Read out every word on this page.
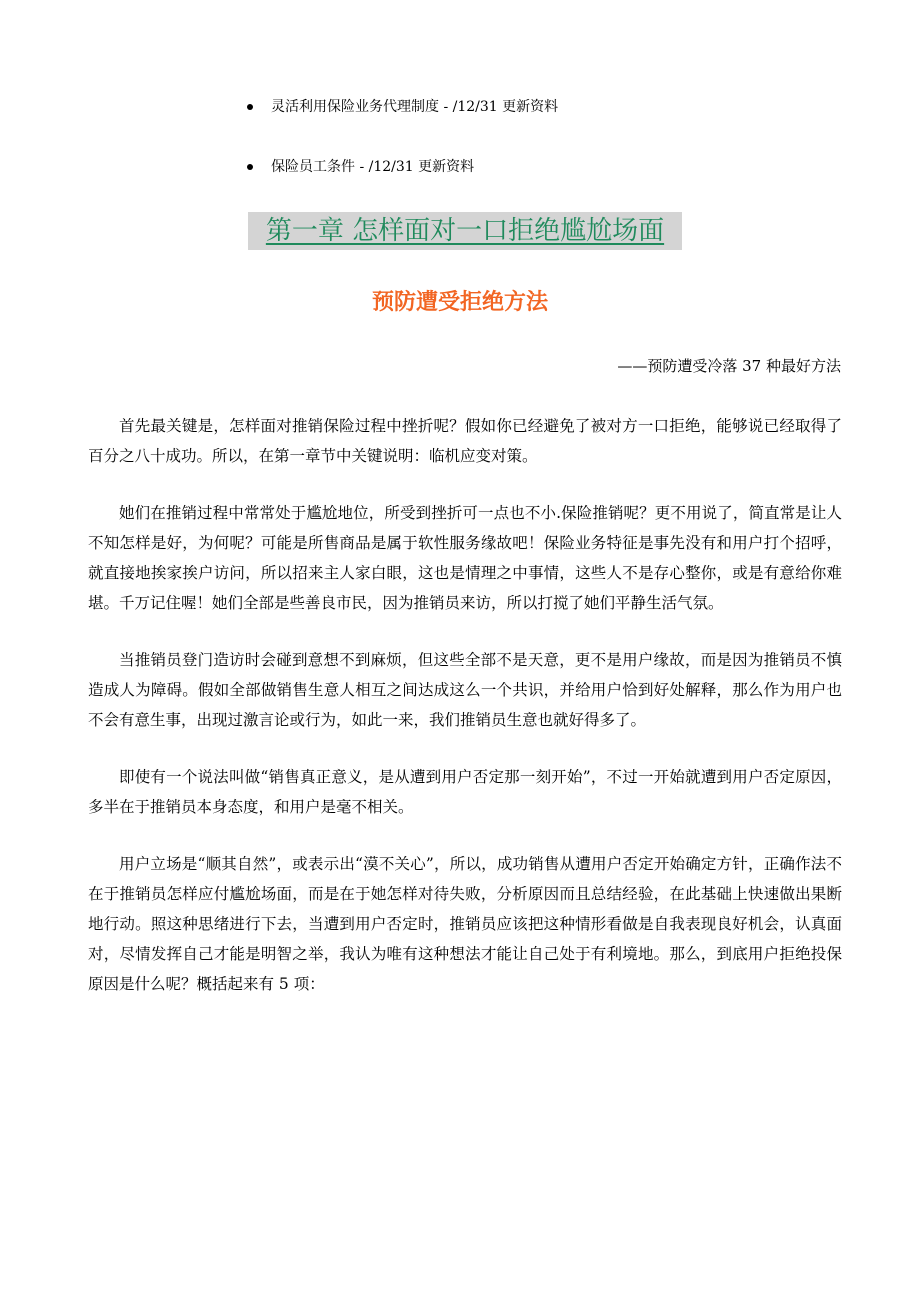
灵活利用保险业务代理制度 - /12/31 更新资料
保险员工条件 - /12/31 更新资料
第一章 怎样面对一口拒绝尴尬场面
预防遭受拒绝方法
——预防遭受冷落 37 种最好方法

首先最关键是，怎样面对推销保险过程中挫折呢？假如你已经避免了被对方一口拒绝，能够说已经取得了百分之八十成功。所以，在第一章节中关键说明：临机应变对策。

她们在推销过程中常常处于尴尬地位，所受到挫折可一点也不小.保险推销呢？更不用说了，简直常是让人不知怎样是好，为何呢？可能是所售商品是属于软性服务缘故吧！保险业务特征是事先没有和用户打个招呼，就直接地挨家挨户访问，所以招来主人家白眼，这也是情理之中事情，这些人不是存心整你，或是有意给你难堪。千万记住喔！她们全部是些善良市民，因为推销员来访，所以打搅了她们平静生活气氛。

当推销员登门造访时会碰到意想不到麻烦，但这些全部不是天意，更不是用户缘故，而是因为推销员不慎造成人为障碍。假如全部做销售生意人相互之间达成这么一个共识，并给用户恰到好处解释，那么作为用户也不会有意生事，出现过激言论或行为，如此一来，我们推销员生意也就好得多了。

即使有一个说法叫做“销售真正意义，是从遭到用户否定那一刻开始”，不过一开始就遭到用户否定原因，多半在于推销员本身态度，和用户是毫不相关。

用户立场是“顺其自然”，或表示出“漠不关心”，所以，成功销售从遭用户否定开始确定方针，正确作法不在于推销员怎样应付尴尬场面，而是在于她怎样对待失败，分析原因而且总结经验，在此基础上快速做出果断地行动。照这种思绪进行下去，当遭到用户否定时，推销员应该把这种情形看做是自我表现良好机会，认真面对，尽情发挥自己才能是明智之举，我认为唯有这种想法才能让自己处于有利境地。那么，到底用户拒绝投保原因是什么呢？概括起来有 5 项：
